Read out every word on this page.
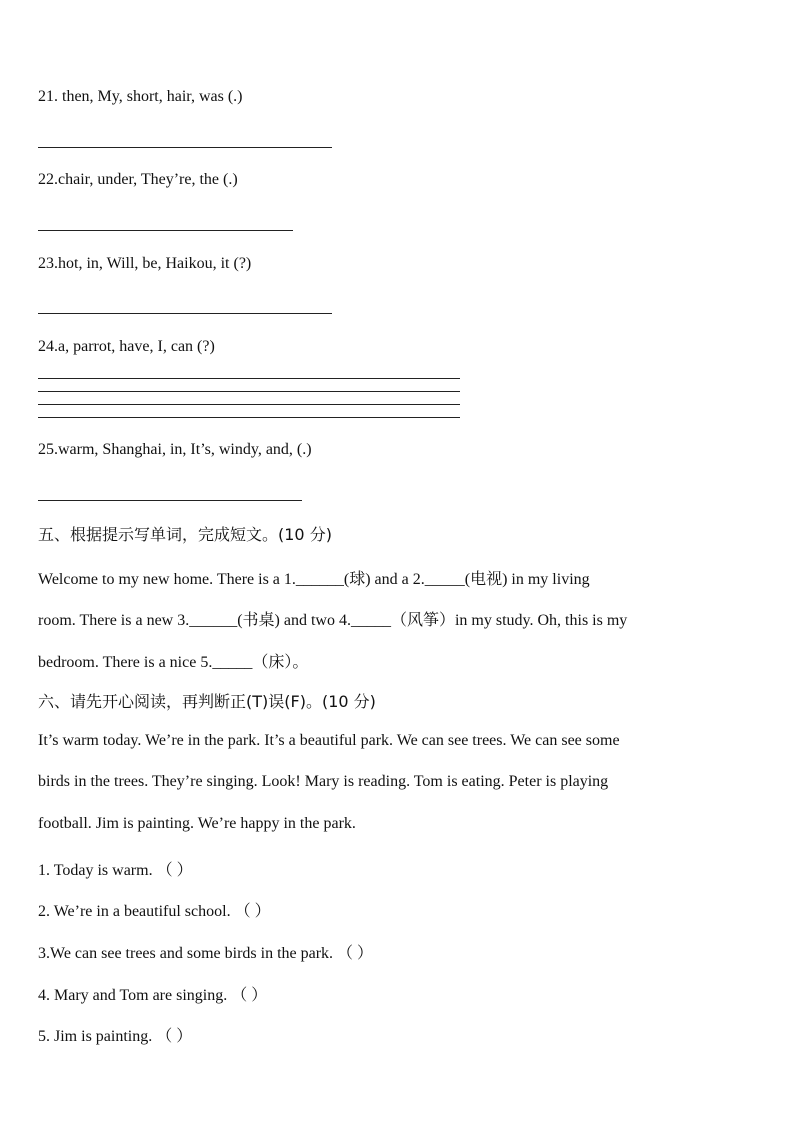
21. then, My, short, hair, was (.)
22.chair, under, They’re, the (.)
23.hot, in, Will, be, Haikou, it (?)
24.a, parrot, have, I, can (?)
25.warm, Shanghai, in, It’s, windy, and, (.)
五、根据提示写单词，完成短文。(10 分)
Welcome to my new home. There is a 1.______(球) and a 2._____(电视) in my living
room. There is a new 3.______(书桌) and two 4._____（风筝）in my study. Oh, this is my
bedroom. There is a nice 5._____（床）。
六、请先开心阅读，再判断正(T)误(F)。(10 分)
It’s warm today. We’re in the park. It’s a beautiful park. We can see trees. We can see some
birds in the trees. They’re singing. Look! Mary is reading. Tom is eating. Peter is playing
football. Jim is painting. We’re happy in the park.
1. Today is warm. （ ）
2. We’re in a beautiful school. （ ）
3.We can see trees and some birds in the park. （ ）
4. Mary and Tom are singing. （ ）
5. Jim is painting. （ ）
